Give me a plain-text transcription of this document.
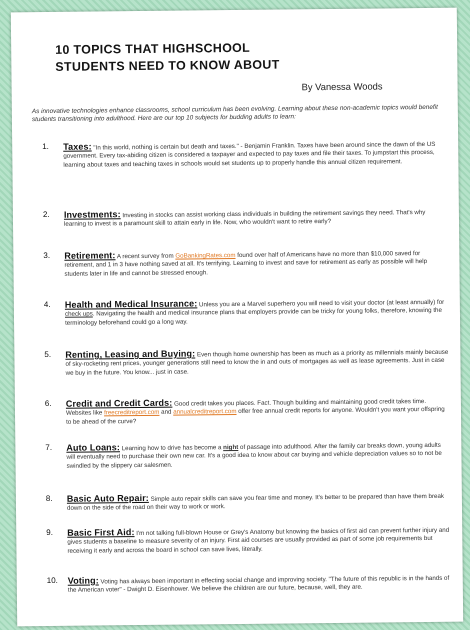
10 TOPICS THAT HIGHSCHOOL
STUDENTS NEED TO KNOW ABOUT
By Vanessa Woods
As innovative technologies enhance classrooms, school curriculum has been evolving. Learning about these non-academic topics would benefit students transitioning into adulthood. Here are our top 10 subjects for budding adults to learn:
1.	Taxes: "In this world, nothing is certain but death and taxes." - Benjamin Franklin. Taxes have been around since the dawn of the US government. Every tax-abiding citizen is considered a taxpayer and expected to pay taxes and file their taxes. To jumpstart this process, learning about taxes and teaching taxes in schools would set students up to properly handle this annual citizen requirement.
2.	Investments: Investing in stocks can assist working class individuals in building the retirement savings they need. That's why learning to invest is a paramount skill to attain early in life. Now, who wouldn't want to retire early?
3.	Retirement: A recent survey from GoBankingRates.com found over half of Americans have no more than $10,000 saved for retirement, and 1 in 3 have nothing saved at all. It's terrifying. Learning to invest and save for retirement as early as possible will help students later in life and cannot be stressed enough.
4.	Health and Medical Insurance: Unless you are a Marvel superhero you will need to visit your doctor (at least annually) for check ups. Navigating the health and medical insurance plans that employers provide can be tricky for young folks, therefore, knowing the terminology beforehand could go a long way.
5.	Renting, Leasing and Buying: Even though home ownership has been as much as a priority as millennials mainly because of sky-rocketing rent prices, younger generations still need to know the in and outs of mortgages as well as lease agreements. Just in case we buy in the future. You know... just in case.
6.	Credit and Credit Cards: Good credit takes you places. Fact. Though building and maintaining good credit takes time. Websites like freecreditreport.com and annualcreditreport.com offer free annual credit reports for anyone. Wouldn't you want your offspring to be ahead of the curve?
7.	Auto Loans: Learning how to drive has become a night of passage into adulthood. After the family car breaks down, young adults will eventually need to purchase their own new car. It's a good idea to know about car buying and vehicle depreciation values so to not be swindled by the slippery car salesmen.
8.	Basic Auto Repair: Simple auto repair skills can save you fear time and money. It's better to be prepared than have them break down on the side of the road on their way to work or work.
9.	Basic First Aid: I'm not talking full-blown House or Grey's Anatomy but knowing the basics of first aid can prevent further injury and gives students a baseline to measure severity of an injury. First aid courses are usually provided as part of some job requirements but receiving it early and across the board in school can save lives, literally.
10.	Voting: Voting has always been important in effecting social change and improving society. "The future of this republic is in the hands of the American voter" - Dwight D. Eisenhower. We believe the children are our future, because, well, they are.
